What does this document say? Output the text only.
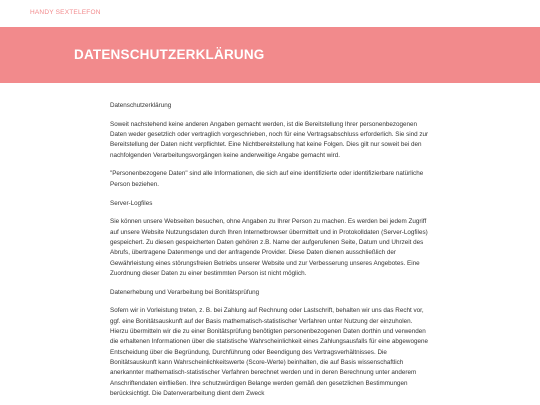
HANDY SEXTELEFON
DATENSCHUTZERKLÄRUNG

Datenschutzerklärung

Soweit nachstehend keine anderen Angaben gemacht werden, ist die Bereitstellung Ihrer personenbezogenen Daten weder gesetzlich oder vertraglich vorgeschrieben, noch für eine Vertragsabschluss erforderlich. Sie sind zur Bereitstellung der Daten nicht verpflichtet. Eine Nichtbereitstellung hat keine Folgen. Dies gilt nur soweit bei den nachfolgenden Verarbeitungsvorgängen keine anderweitige Angabe gemacht wird.

"Personenbezogene Daten" sind alle Informationen, die sich auf eine identifizierte oder identifizierbare natürliche Person beziehen.

Server-Logfiles

Sie können unsere Webseiten besuchen, ohne Angaben zu Ihrer Person zu machen. Es werden bei jedem Zugriff auf unsere Website Nutzungsdaten durch Ihren Internetbrowser übermittelt und in Protokolldaten (Server-Logfiles) gespeichert. Zu diesen gespeicherten Daten gehören z.B. Name der aufgerufenen Seite, Datum und Uhrzeit des Abrufs, übertragene Datenmenge und der anfragende Provider. Diese Daten dienen ausschließlich der Gewährleistung eines störungsfreien Betriebs unserer Website und zur Verbesserung unseres Angebotes. Eine Zuordnung dieser Daten zu einer bestimmten Person ist nicht möglich.

Datenerhebung und Verarbeitung bei Bonitätsprüfung

Sofern wir in Vorleistung treten, z. B. bei Zahlung auf Rechnung oder Lastschrift, behalten wir uns das Recht vor, ggf. eine Bonitätsauskunft auf der Basis mathematisch-statistischer Verfahren unter Nutzung der einzuholen. Hierzu übermitteln wir die zu einer Bonitätsprüfung benötigten personenbezogenen Daten dorthin und verwenden die erhaltenen Informationen über die statistische Wahrscheinlichkeit eines Zahlungsausfalls für eine abgewogene Entscheidung über die Begründung, Durchführung oder Beendigung des Vertragsverhältnisses. Die Bonitätsauskunft kann Wahrscheinlichkeitswerte (Score-Werte) beinhalten, die auf Basis wissenschaftlich anerkannter mathematisch-statistischer Verfahren berechnet werden und in deren Berechnung unter anderem Anschriftendaten einfließen. Ihre schutzwürdigen Belange werden gemäß den gesetzlichen Bestimmungen berücksichtigt. Die Datenverarbeitung dient dem Zweck
